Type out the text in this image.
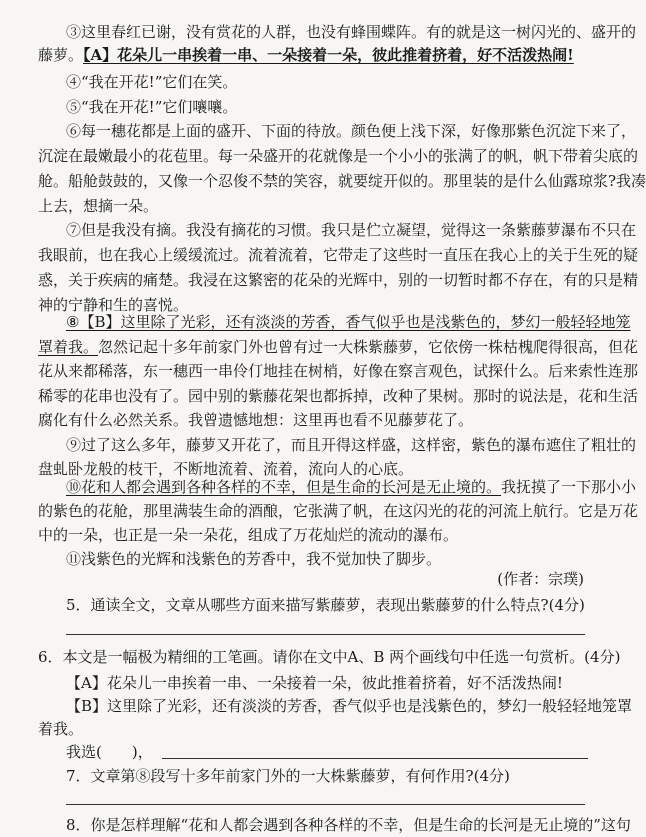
③这里春红已谢，没有赏花的人群，也没有蜂围蝶阵。有的就是这一树闪光的、盛开的
④“我在开花!”它们在笑。
⑤“我在开花!”它们嚷嚷。
⑥每一穗花都是上面的盛开、下面的待放。颜色便上浅下深，好像那紫色沉淀下来了，
沉淀在最嫩最小的花苞里。每一朵盛开的花就像是一个小小的张满了的帆，帆下带着尖底的
舱。船舱鼓鼓的，又像一个忍俊不禁的笑容，就要绽开似的。那里装的是什么仙露琼浆?我凑
上去，想摘一朵。
⑦但是我没有摘。我没有摘花的习惯。我只是伫立凝望，觉得这一条紫藤萝瀑布不只在
我眼前，也在我心上缓缓流过。流着流着，它带走了这些时一直压在我心上的关于生死的疑
惑，关于疾病的痛楚。我浸在这繁密的花朵的光辉中，别的一切暂时都不存在，有的只是精
神的宁静和生的喜悦。
花从来都稀落，东一穗西一串伶仃地挂在树梢，好像在察言观色，试探什么。后来索性连那
稀零的花串也没有了。园中别的紫藤花架也都拆掉，改种了果树。那时的说法是，花和生活
腐化有什么必然关系。我曾遗憾地想：这里再也看不见藤萝花了。
⑨过了这么多年，藤萝又开花了，而且开得这样盛，这样密，紫色的瀑布遮住了粗壮的
盘虬卧龙般的枝干，不断地流着、流着，流向人的心底。
的紫色的花舱，那里满装生命的酒酿，它张满了帆，在这闪光的花的河流上航行。它是万花
中的一朵，也正是一朵一朵花，组成了万花灿烂的流动的瀑布。
⑪浅紫色的光辉和浅紫色的芳香中，我不觉加快了脚步。
藤萝。【A】花朵儿一串挨着一串、一朵接着一朵，彼此推着挤着，好不活泼热闹!
⑧【B】这里除了光彩，还有淡淡的芳香，香气似乎也是浅紫色的，梦幻一般轻轻地笼
罩着我。忽然记起十多年前家门外也曾有过一大株紫藤萝，它依傍一株枯槐爬得很高，但花
⑩花和人都会遇到各种各样的不幸，但是生命的长河是无止境的。我抚摸了一下那小小
(作者：宗璞)
5．通读全文，文章从哪些方面来描写紫藤萝，表现出紫藤萝的什么特点?(4分)
6．本文是一幅极为精细的工笔画。请你在文中A、B 两个画线句中任选一句赏析。(4分)
【A】花朵儿一串挨着一串、一朵接着一朵，彼此推着挤着，好不活泼热闹!
【B】这里除了光彩，还有淡淡的芳香，香气似乎也是浅紫色的，梦幻一般轻轻地笼罩
着我。
我选( )，
7．文章第⑧段写十多年前家门外的一大株紫藤萝，有何作用?(4分)
8．你是怎样理解“花和人都会遇到各种各样的不幸，但是生命的长河是无止境的”这句
